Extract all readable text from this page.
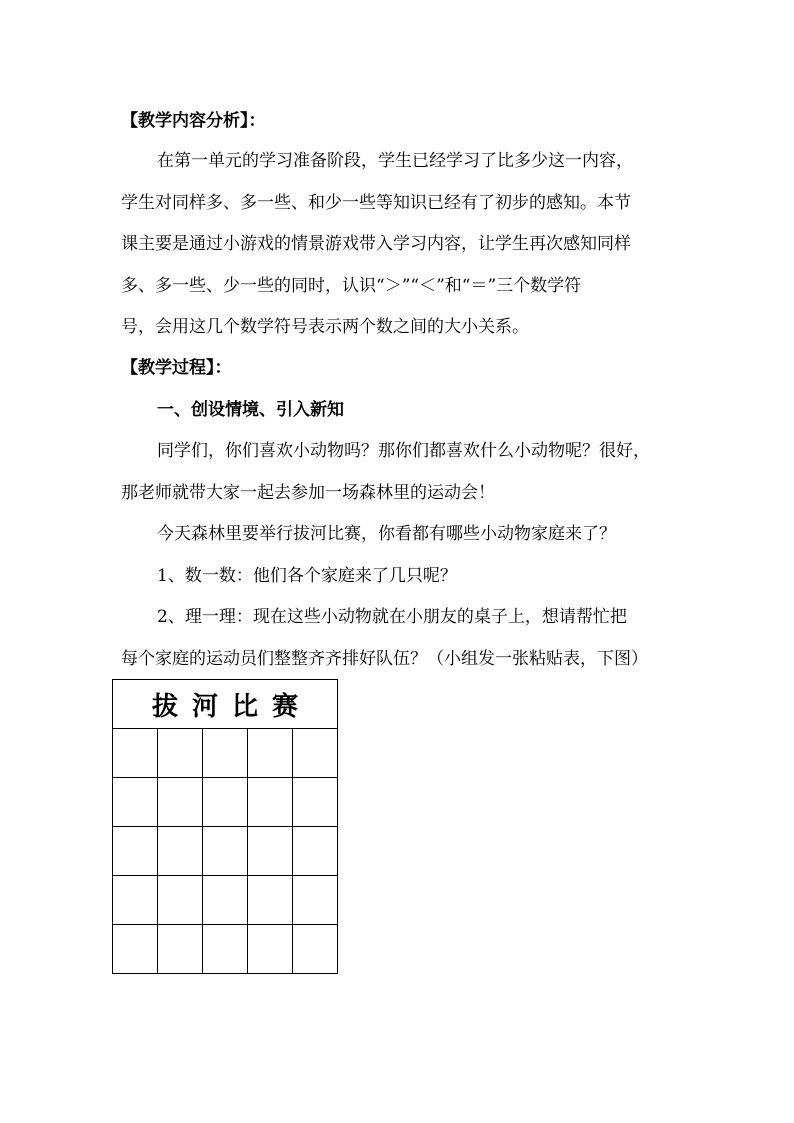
【教学内容分析】：
在第一单元的学习准备阶段，学生已经学习了比多少这一内容，
学生对同样多、多一些、和少一些等知识已经有了初步的感知。本节
课主要是通过小游戏的情景游戏带入学习内容，让学生再次感知同样
多、多一些、少一些的同时，认识“＞”“＜”和“＝”三个数学符
号，会用这几个数学符号表示两个数之间的大小关系。
【教学过程】：
一、创设情境、引入新知
同学们，你们喜欢小动物吗？那你们都喜欢什么小动物呢？很好，
那老师就带大家一起去参加一场森林里的运动会！
今天森林里要举行拔河比赛，你看都有哪些小动物家庭来了？
1、数一数：他们各个家庭来了几只呢？
2、理一理：现在这些小动物就在小朋友的桌子上，想请帮忙把
每个家庭的运动员们整整齐齐排好队伍？（小组发一张粘贴表，下图）
拔河比赛				
